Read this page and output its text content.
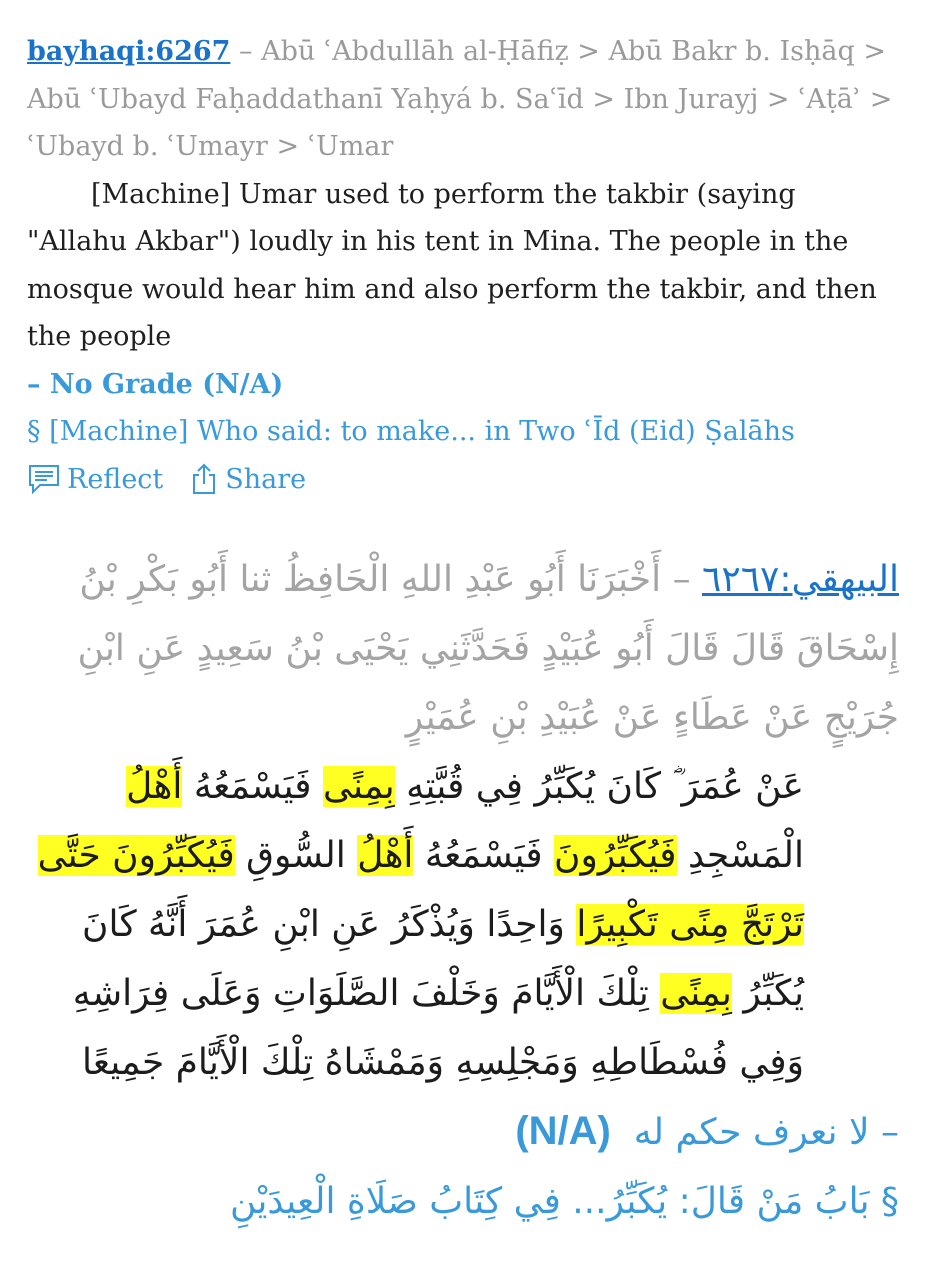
bayhaqi:6267 – Abū ʿAbdullāh al-Ḥāfiẓ > Abū Bakr b. Isḥāq > Abū ʿUbayd Faḥaddathanī Yaḥyá b. Saʿīd > Ibn Jurayj > ʿAṭāʾ > ʿUbayd b. ʿUmayr > ʿUmar

[Machine] Umar used to perform the takbir (saying "Allahu Akbar") loudly in his tent in Mina. The people in the mosque would hear him and also perform the takbir, and then the people

– No Grade (N/A)

§ [Machine] Who said: to make... in Two ʿĪd (Eid) Ṣalāhs

Reflect Share

البيهقي:٦٢٦٧ – أَخْبَرَنَا أَبُو عَبْدِ اللهِ الْحَافِظُ ثنا أَبُو بَكْرِ بْنُ إِسْحَاقَ قَالَ قَالَ أَبُو عُبَيْدٍ فَحَدَّثَنِي يَحْيَى بْنُ سَعِيدٍ عَنِ ابْنِ جُرَيْجٍ عَنْ عَطَاءٍ عَنْ عُبَيْدِ بْنِ عُمَيْرٍ

عَنْ عُمَرَ ؓ كَانَ يُكَبِّرُ فِي قُبَّتِهِ بِمِنًى فَيَسْمَعُهُ أَهْلُ الْمَسْجِدِ فَيُكَبِّرُونَ فَيَسْمَعُهُ أَهْلُ السُّوقِ فَيُكَبِّرُونَ حَتَّى تَرْتَجَّ مِنًى تَكْبِيرًا وَاحِدًا وَيُذْكَرُ عَنِ ابْنِ عُمَرَ أَنَّهُ كَانَ يُكَبِّرُ بِمِنًى تِلْكَ الْأَيَّامَ وَخَلْفَ الصَّلَوَاتِ وَعَلَى فِرَاشِهِ وَفِي فُسْطَاطِهِ وَمَجْلِسِهِ وَمَمْشَاهُ تِلْكَ الْأَيَّامَ جَمِيعًا

– لا نعرف حكم له  (N/A)

§ بَابُ مَنْ قَالَ: يُكَبِّرُ... فِي كِتَابُ صَلَاةِ الْعِيدَيْنِ
